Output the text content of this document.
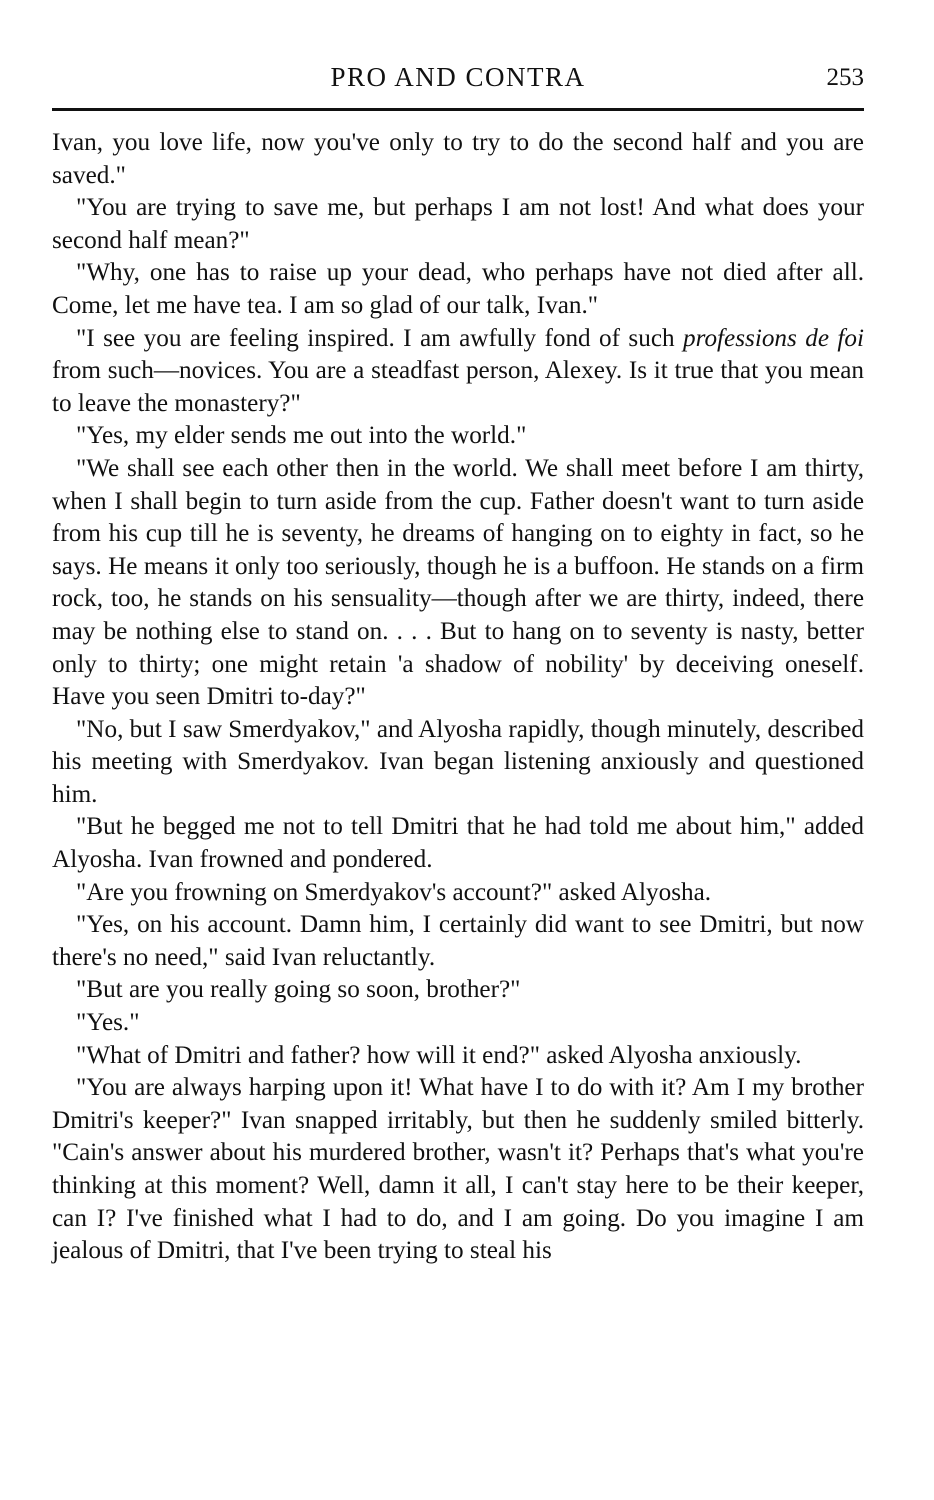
PRO AND CONTRA	253

Ivan, you love life, now you've only to try to do the second half and you are saved."

"You are trying to save me, but perhaps I am not lost! And what does your second half mean?"

"Why, one has to raise up your dead, who perhaps have not died after all. Come, let me have tea. I am so glad of our talk, Ivan."

"I see you are feeling inspired. I am awfully fond of such professions de foi from such—novices. You are a steadfast person, Alexey. Is it true that you mean to leave the monastery?"

"Yes, my elder sends me out into the world."

"We shall see each other then in the world. We shall meet before I am thirty, when I shall begin to turn aside from the cup. Father doesn't want to turn aside from his cup till he is seventy, he dreams of hanging on to eighty in fact, so he says. He means it only too seriously, though he is a buffoon. He stands on a firm rock, too, he stands on his sensuality—though after we are thirty, indeed, there may be nothing else to stand on. . . . But to hang on to seventy is nasty, better only to thirty; one might retain 'a shadow of nobility' by deceiving oneself. Have you seen Dmitri to-day?"

"No, but I saw Smerdyakov," and Alyosha rapidly, though minutely, described his meeting with Smerdyakov. Ivan began listening anxiously and questioned him.

"But he begged me not to tell Dmitri that he had told me about him," added Alyosha. Ivan frowned and pondered.

"Are you frowning on Smerdyakov's account?" asked Alyosha.

"Yes, on his account. Damn him, I certainly did want to see Dmitri, but now there's no need," said Ivan reluctantly.

"But are you really going so soon, brother?"

"Yes."

"What of Dmitri and father? how will it end?" asked Alyosha anxiously.

"You are always harping upon it! What have I to do with it? Am I my brother Dmitri's keeper?" Ivan snapped irritably, but then he suddenly smiled bitterly. "Cain's answer about his murdered brother, wasn't it? Perhaps that's what you're thinking at this moment? Well, damn it all, I can't stay here to be their keeper, can I? I've finished what I had to do, and I am going. Do you imagine I am jealous of Dmitri, that I've been trying to steal his
